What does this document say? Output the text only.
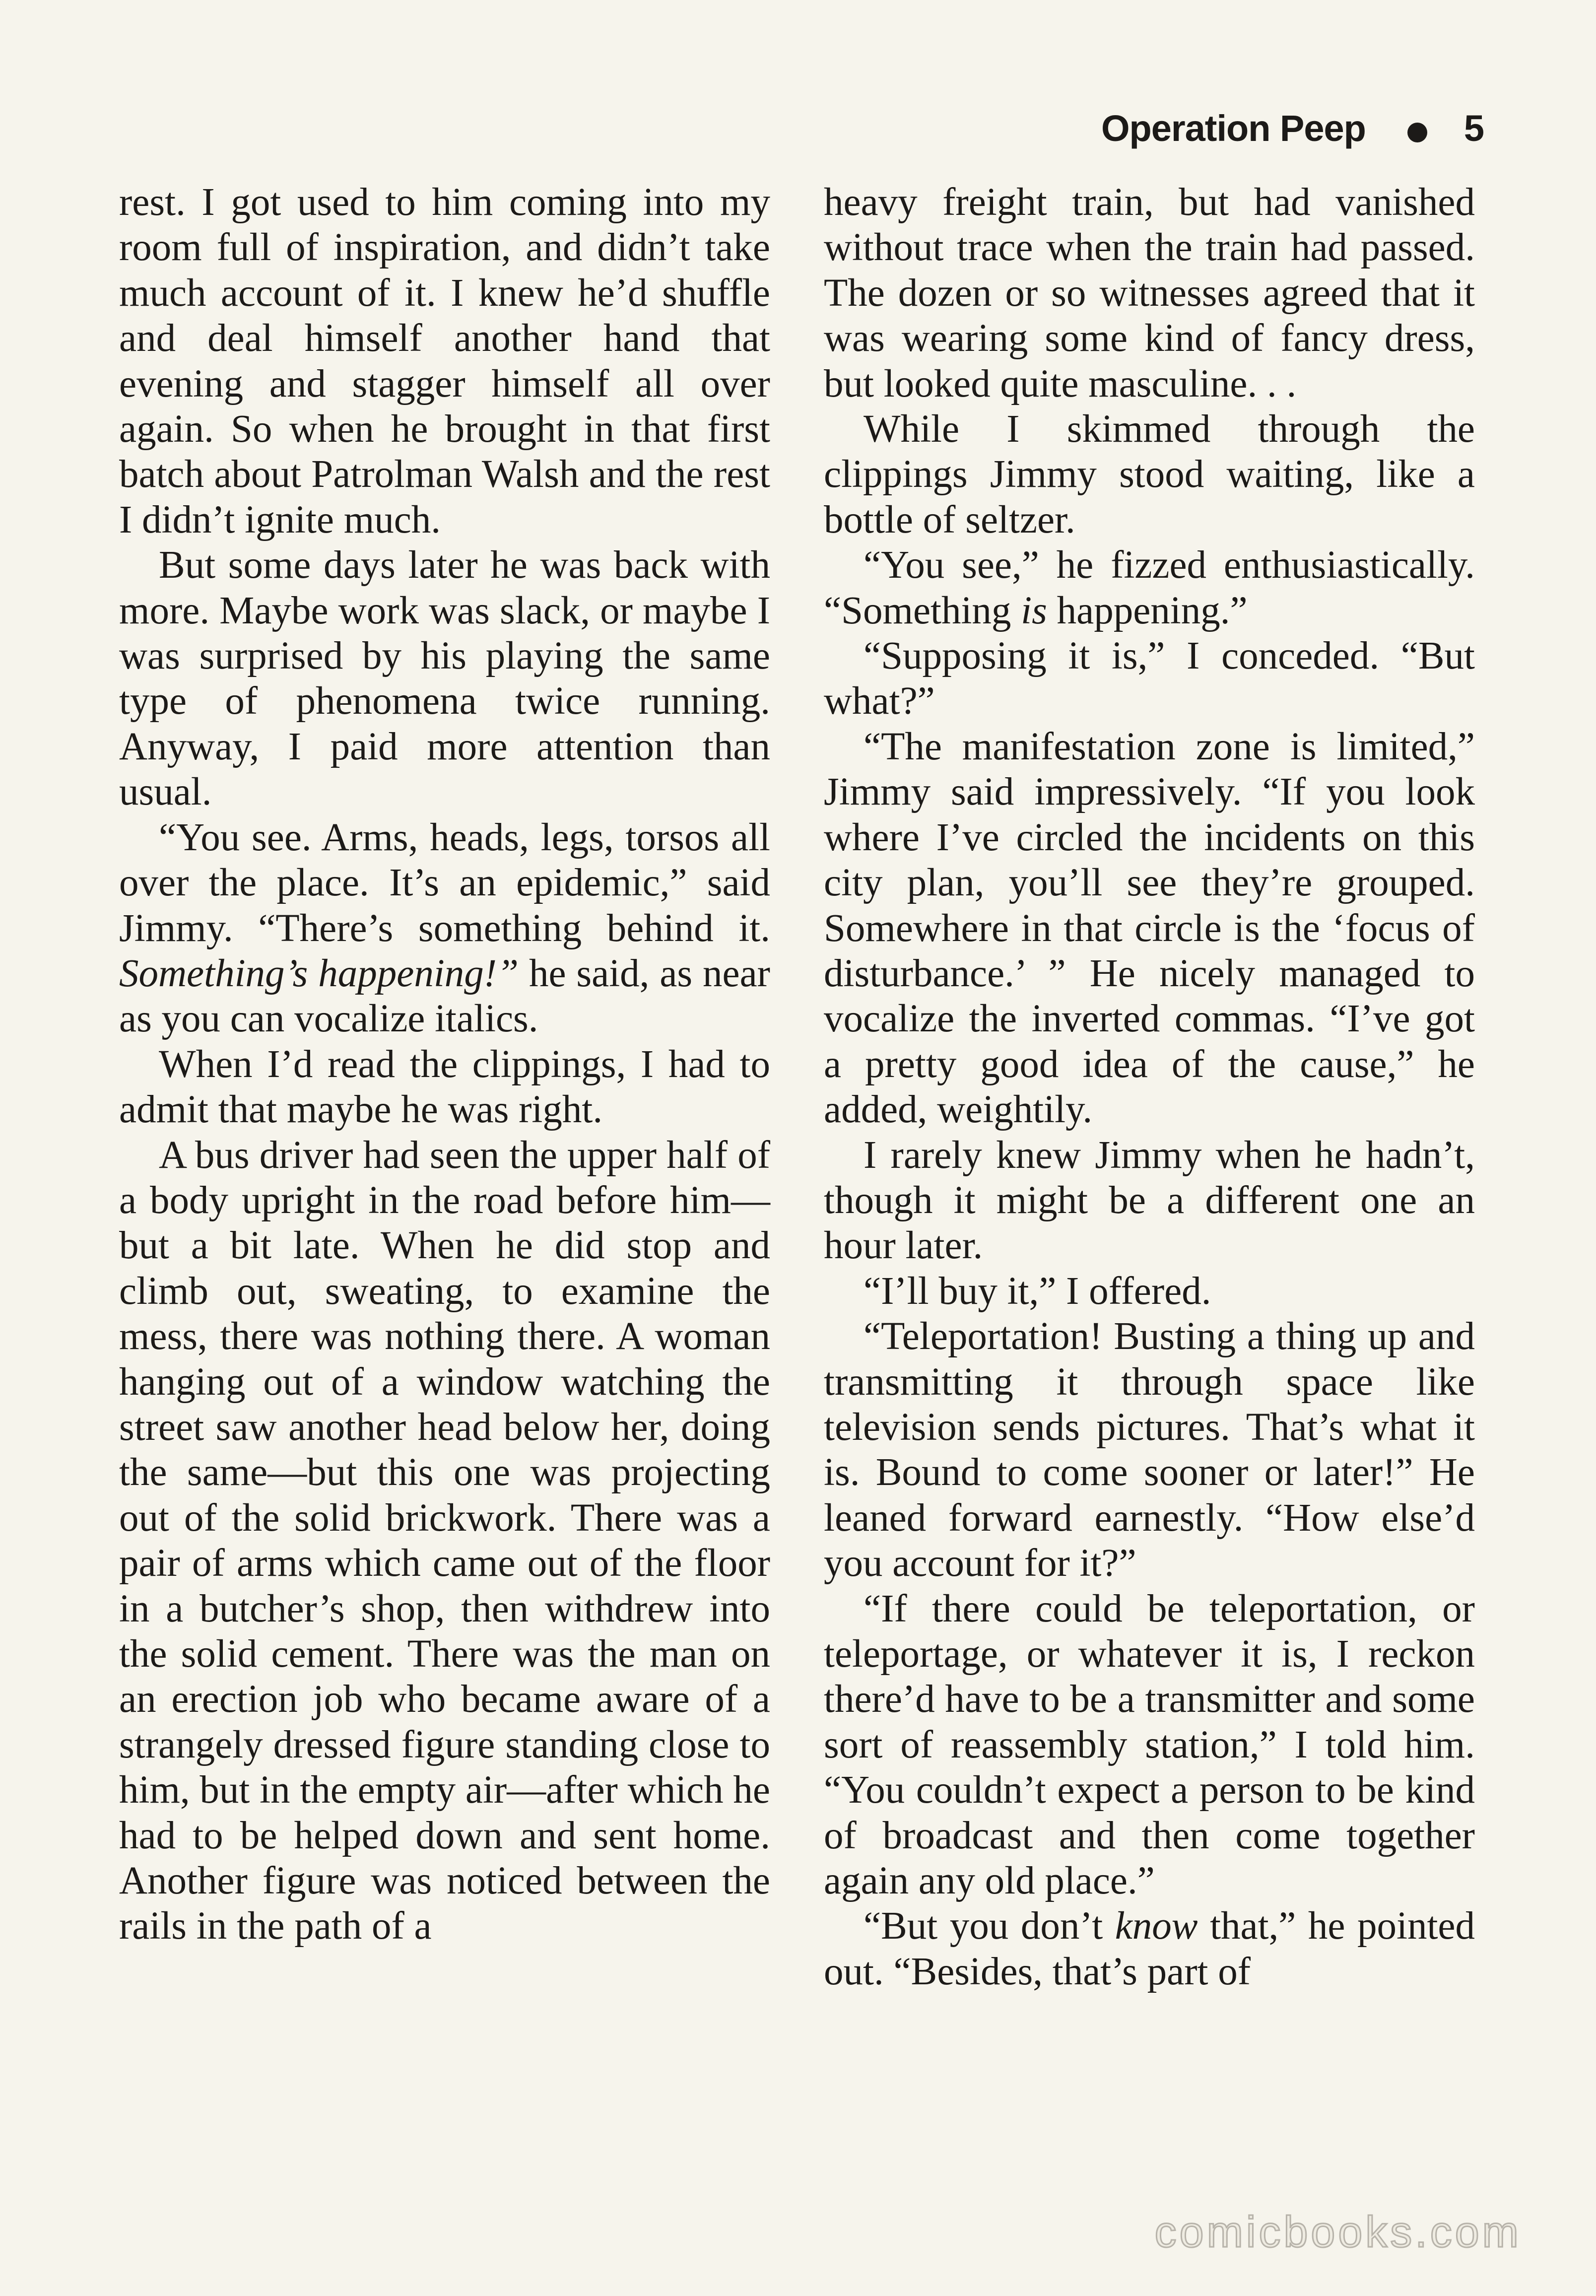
Operation Peep	5

rest. I got used to him coming into my room full of inspiration, and didn’t take much account of it. I knew he’d shuffle and deal himself another hand that evening and stagger himself all over again. So when he brought in that first batch about Patrolman Walsh and the rest I didn’t ignite much.

But some days later he was back with more. Maybe work was slack, or maybe I was surprised by his playing the same type of phenomena twice running. Anyway, I paid more attention than usual.

“You see. Arms, heads, legs, torsos all over the place. It’s an epidemic,” said Jimmy. “There’s something behind it. Something’s happening!” he said, as near as you can vocalize italics.

When I’d read the clippings, I had to admit that maybe he was right.

A bus driver had seen the upper half of a body upright in the road before him—but a bit late. When he did stop and climb out, sweating, to examine the mess, there was nothing there. A woman hanging out of a window watching the street saw another head below her, doing the same—but this one was projecting out of the solid brickwork. There was a pair of arms which came out of the floor in a butcher’s shop, then withdrew into the solid cement. There was the man on an erection job who became aware of a strangely dressed figure standing close to him, but in the empty air—after which he had to be helped down and sent home. Another figure was noticed between the rails in the path of a

heavy freight train, but had vanished without trace when the train had passed. The dozen or so witnesses agreed that it was wearing some kind of fancy dress, but looked quite masculine. . .

While I skimmed through the clippings Jimmy stood waiting, like a bottle of seltzer.

“You see,” he fizzed enthusiastically. “Something is happening.”

“Supposing it is,” I conceded. “But what?”

“The manifestation zone is limited,” Jimmy said impressively. “If you look where I’ve circled the incidents on this city plan, you’ll see they’re grouped. Somewhere in that circle is the ‘focus of disturbance.’ ” He nicely managed to vocalize the inverted commas. “I’ve got a pretty good idea of the cause,” he added, weightily.

I rarely knew Jimmy when he hadn’t, though it might be a different one an hour later.

“I’ll buy it,” I offered.

“Teleportation! Busting a thing up and transmitting it through space like television sends pictures. That’s what it is. Bound to come sooner or later!” He leaned forward earnestly. “How else’d you account for it?”

“If there could be teleportation, or teleportage, or whatever it is, I reckon there’d have to be a transmitter and some sort of reassembly station,” I told him. “You couldn’t expect a person to be kind of broadcast and then come together again any old place.”

“But you don’t know that,” he pointed out. “Besides, that’s part of

comicbooks.com
